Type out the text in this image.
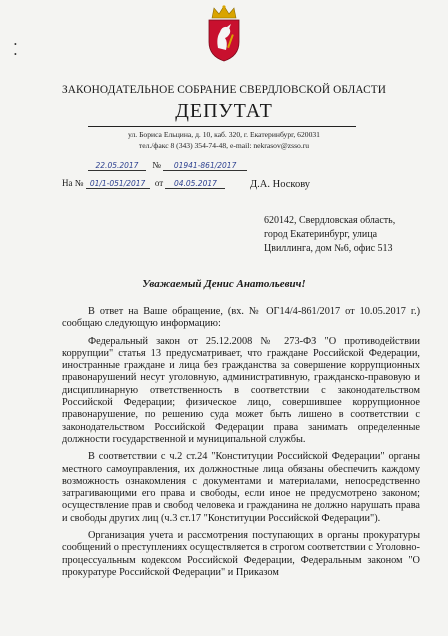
•
•
ЗАКОНОДАТЕЛЬНОЕ СОБРАНИЕ СВЕРДЛОВСКОЙ ОБЛАСТИ
ДЕПУТАТ
ул. Бориса Ельцина, д. 10, каб. 320, г. Екатеринбург, 620031
тел./факс 8 (343) 354-74-48, e-mail: nekrasov@zsso.ru
22.05.2017 № 01941-861/2017
На № 01/1-051/2017 от 04.05.2017	Д.А. Носкову
620142, Свердловская область,
город Екатеринбург, улица
Цвиллинга, дом №6, офис 513
Уважаемый Денис Анатольевич!

В ответ на Ваше обращение, (вх. № ОГ14/4-861/2017 от 10.05.2017 г.) сообщаю следующую информацию:

Федеральный закон от 25.12.2008 № 273-ФЗ "О противодействии коррупции" статья 13 предусматривает, что граждане Российской Федерации, иностранные граждане и лица без гражданства за совершение коррупционных правонарушений несут уголовную, административную, гражданско-правовую и дисциплинарную ответственность в соответствии с законодательством Российской Федерации; физическое лицо, совершившее коррупционное правонарушение, по решению суда может быть лишено в соответствии с законодательством Российской Федерации права занимать определенные должности государственной и муниципальной службы.

В соответствии с ч.2 ст.24 "Конституции Российской Федерации" органы местного самоуправления, их должностные лица обязаны обеспечить каждому возможность ознакомления с документами и материалами, непосредственно затрагивающими его права и свободы, если иное не предусмотрено законом; осуществление прав и свобод человека и гражданина не должно нарушать права и свободы других лиц (ч.3 ст.17 "Конституции Российской Федерации").

Организация учета и рассмотрения поступающих в органы прокуратуры сообщений о преступлениях осуществляется в строгом соответствии с Уголовно-процессуальным кодексом Российской Федерации, Федеральным законом "О прокуратуре Российской Федерации" и Приказом
